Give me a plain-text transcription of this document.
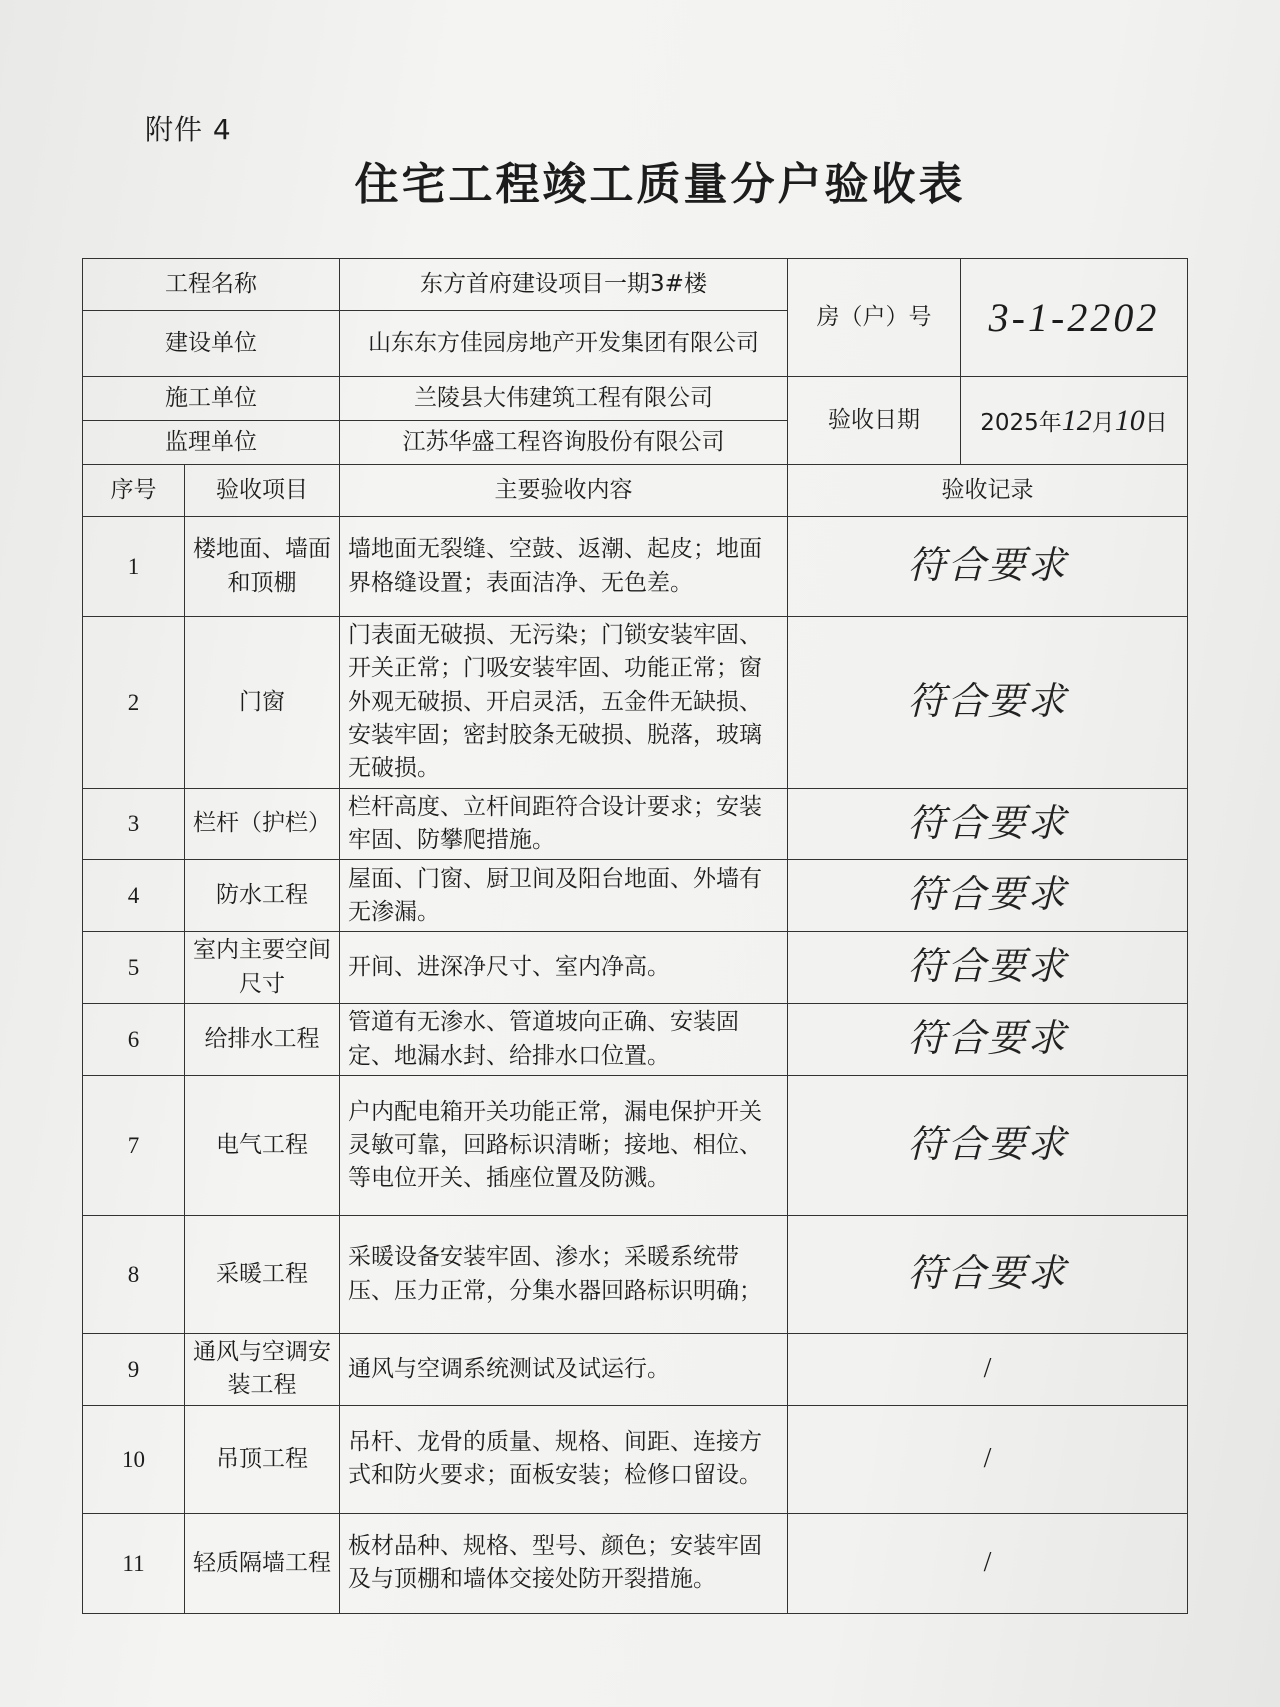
附件 4
住宅工程竣工质量分户验收表
工程名称		东方首府建设项目一期3#楼	房（户）号	3-1-2202
建设单位		山东东方佳园房地产开发集团有限公司		
施工单位		兰陵县大伟建筑工程有限公司	验收日期	2025年12月10日
监理单位		江苏华盛工程咨询股份有限公司		
序号	验收项目	主要验收内容	验收记录	
1	楼地面、墙面和顶棚	墙地面无裂缝、空鼓、返潮、起皮；地面界格缝设置；表面洁净、无色差。	符合要求	
2	门窗	门表面无破损、无污染；门锁安装牢固、开关正常；门吸安装牢固、功能正常；窗外观无破损、开启灵活，五金件无缺损、 安装牢固；密封胶条无破损、脱落，玻璃无破损。	符合要求	
3	栏杆（护栏）	栏杆高度、立杆间距符合设计要求；安装牢固、防攀爬措施。	符合要求	
4	防水工程	屋面、门窗、厨卫间及阳台地面、外墙有无渗漏。	符合要求	
5	室内主要空间尺寸	开间、进深净尺寸、室内净高。	符合要求	
6	给排水工程	管道有无渗水、管道坡向正确、安装固定、地漏水封、给排水口位置。	符合要求	
7	电气工程	户内配电箱开关功能正常，漏电保护开关灵敏可靠，回路标识清晰；接地、相位、等电位开关、插座位置及防溅。	符合要求	
8	采暖工程	采暖设备安装牢固、渗水；采暖系统带压、压力正常，分集水器回路标识明确；	符合要求	
9	通风与空调安装工程	通风与空调系统测试及试运行。	/	
10	吊顶工程	吊杆、龙骨的质量、规格、间距、连接方式和防火要求；面板安装；检修口留设。	/	
11	轻质隔墙工程	板材品种、规格、型号、颜色；安装牢固及与顶棚和墙体交接处防开裂措施。	/	
